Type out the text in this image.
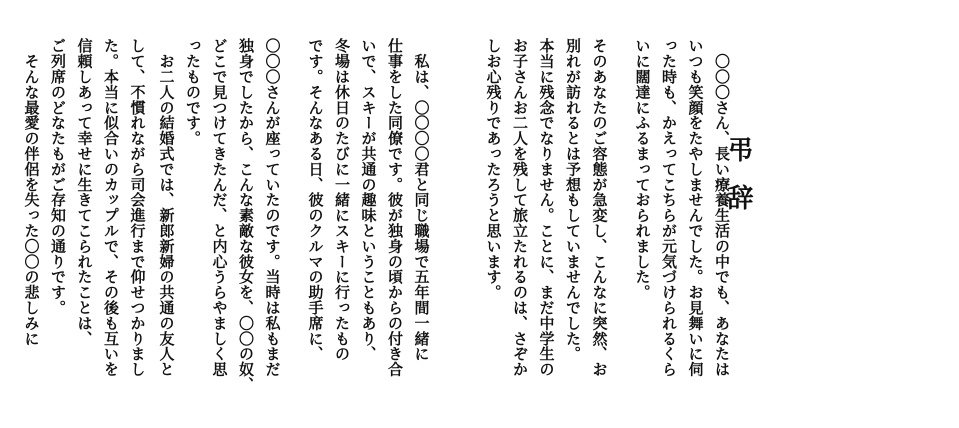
弔辞
　〇〇〇さん、長い療養生活の中でも、あなたは
いつも笑顔をたやしませんでした。お見舞いに伺
った時も、かえってこちらが元気づけられるくら
いに闊達にふるまっておられました。
そのあなたのご容態が急変し、こんなに突然、お
別れが訪れるとは予想もしていませんでした。
本当に残念でなりません。ことに、まだ中学生の
お子さんお二人を残して旅立たれるのは、さぞか
しお心残りであったろうと思います。
　私は、〇〇〇〇君と同じ職場で五年間一緒に
仕事をした同僚です。彼が独身の頃からの付き合
いで、スキーが共通の趣味ということもあり、
冬場は休日のたびに一緒にスキーに行ったもの
です。そんなある日、彼のクルマの助手席に、
〇〇〇さんが座っていたのです。当時は私もまだ
独身でしたから、こんな素敵な彼女を、〇〇の奴、
どこで見つけてきたんだ、と内心うらやましく思
ったものです。
　お二人の結婚式では、新郎新婦の共通の友人と
して、不慣れながら司会進行まで仰せつかりまし
た。本当に似合いのカップルで、その後も互いを
信頼しあって幸せに生きてこられたことは、
ご列席のどなたもがご存知の通りです。
　そんな最愛の伴侶を失った〇〇の悲しみに
